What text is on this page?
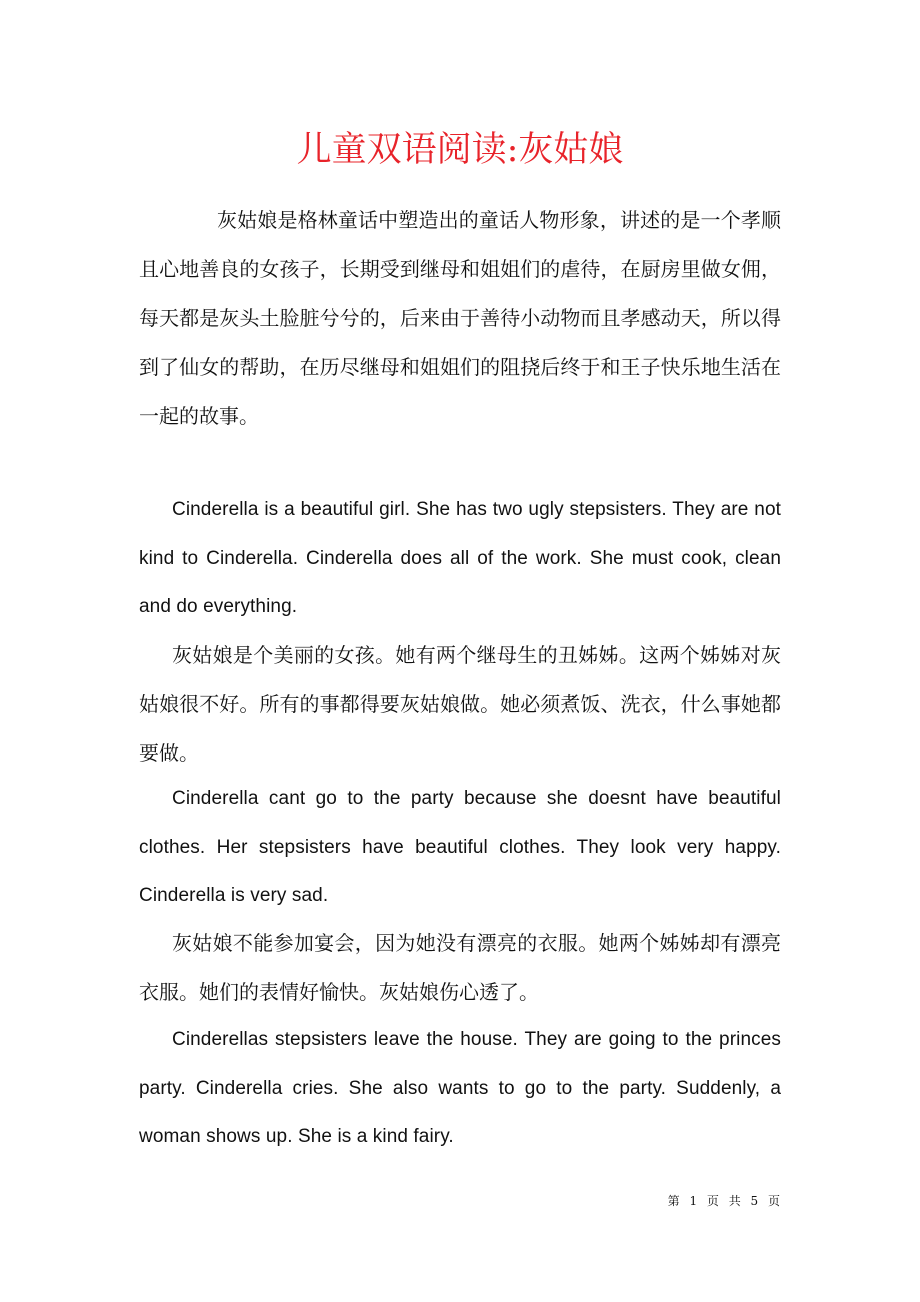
儿童双语阅读:灰姑娘

灰姑娘是格林童话中塑造出的童话人物形象，讲述的是一个孝顺且心地善良的女孩子，长期受到继母和姐姐们的虐待，在厨房里做女佣，每天都是灰头土脸脏兮兮的，后来由于善待小动物而且孝感动天，所以得到了仙女的帮助，在历尽继母和姐姐们的阻挠后终于和王子快乐地生活在一起的故事。

Cinderella is a beautiful girl. She has two ugly stepsisters. They are not kind to Cinderella. Cinderella does all of the work. She must cook, clean and do everything.

灰姑娘是个美丽的女孩。她有两个继母生的丑姊姊。这两个姊姊对灰姑娘很不好。所有的事都得要灰姑娘做。她必须煮饭、洗衣，什么事她都要做。

Cinderella cant go to the party because she doesnt have beautiful clothes. Her stepsisters have beautiful clothes. They look very happy. Cinderella is very sad.

灰姑娘不能参加宴会，因为她没有漂亮的衣服。她两个姊姊却有漂亮衣服。她们的表情好愉快。灰姑娘伤心透了。

Cinderellas stepsisters leave the house. They are going to the princes party. Cinderella cries. She also wants to go to the party. Suddenly, a woman shows up. She is a kind fairy.

第 1 页 共 5 页
